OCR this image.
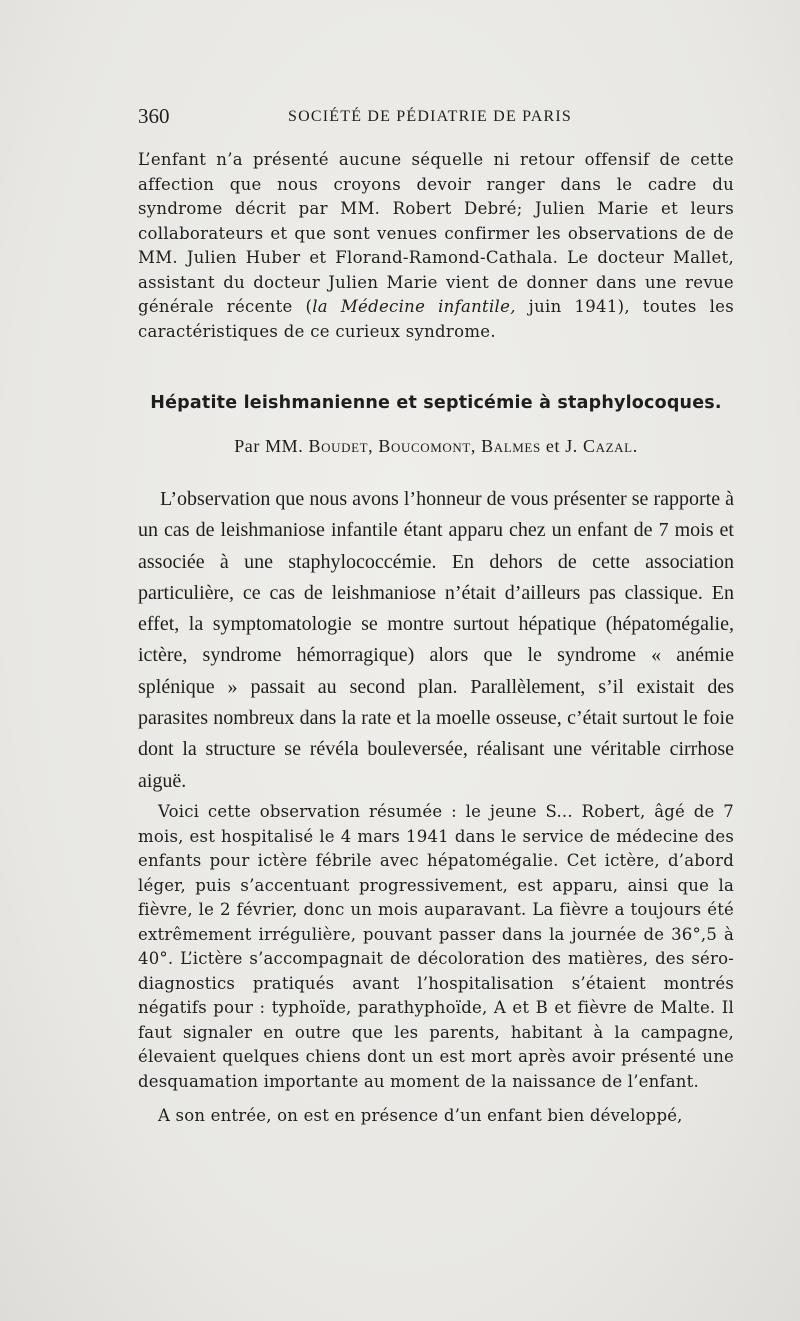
360	SOCIÉTÉ DE PÉDIATRIE DE PARIS

L’enfant n’a présenté aucune séquelle ni retour offensif de cette affection que nous croyons devoir ranger dans le cadre du syndrome décrit par MM. Robert Debré; Julien Marie et leurs collaborateurs et que sont venues confirmer les observations de de MM. Julien Huber et Florand-Ramond-Cathala. Le docteur Mallet, assistant du docteur Julien Marie vient de donner dans une revue générale récente (la Médecine infantile, juin 1941), toutes les caractéristiques de ce curieux syndrome.

Hépatite leishmanienne et septicémie à staphylocoques.

Par MM. Boudet, Boucomont, Balmes et J. Cazal.

L’observation que nous avons l’honneur de vous présenter se rapporte à un cas de leishmaniose infantile étant apparu chez un enfant de 7 mois et associée à une staphylococcémie. En dehors de cette association particulière, ce cas de leishmaniose n’était d’ailleurs pas classique. En effet, la symptomatologie se montre surtout hépatique (hépatomégalie, ictère, syndrome hémorragique) alors que le syndrome « anémie splénique » passait au second plan. Parallèlement, s’il existait des parasites nombreux dans la rate et la moelle osseuse, c’était surtout le foie dont la structure se révéla bouleversée, réalisant une véritable cirrhose aiguë.

Voici cette observation résumée : le jeune S... Robert, âgé de 7 mois, est hospitalisé le 4 mars 1941 dans le service de médecine des enfants pour ictère fébrile avec hépatomégalie. Cet ictère, d’abord léger, puis s’accentuant progressivement, est apparu, ainsi que la fièvre, le 2 février, donc un mois auparavant. La fièvre a toujours été extrêmement irrégulière, pouvant passer dans la journée de 36°,5 à 40°. L’ictère s’accompagnait de décoloration des matières, des séro-diagnostics pratiqués avant l’hospitalisation s’étaient montrés négatifs pour : typhoïde, parathyphoïde, A et B et fièvre de Malte. Il faut signaler en outre que les parents, habitant à la campagne, élevaient quelques chiens dont un est mort après avoir présenté une desquamation importante au moment de la naissance de l’enfant.

A son entrée, on est en présence d’un enfant bien développé,
